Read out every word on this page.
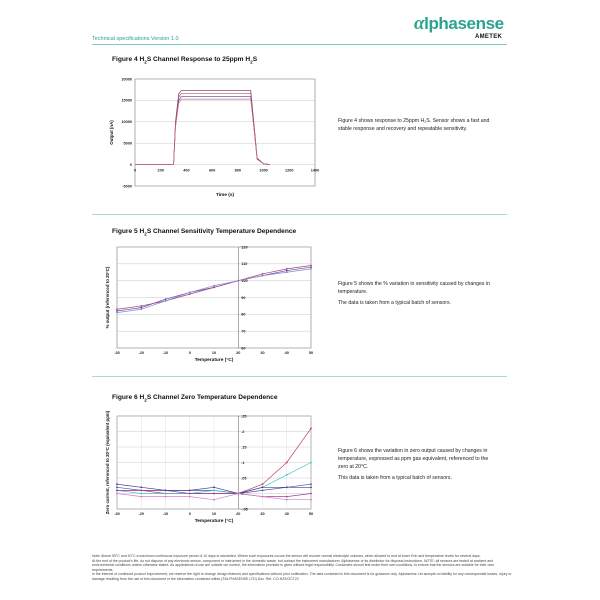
Technical specifications Version 1.0
αlphasense
AMETEK
Figure 4 $H_2S$ Channel Response to 25ppm $H_2S$

Figure 4 shows response to 25ppm H₂S. Sensor shows a fast and stable response and recovery and repeatable sensitivity.

Figure 5 $H_2S$ Channel Sensitivity Temperature Dependence

Figure 5 shows the % variation in sensitivity caused by changes in temperature.

The data is taken from a typical batch of sensors.

Figure 6 $H_2S$ Channel Zero Temperature Dependence

Figure 6 shows the variation in zero output caused by changes in temperature, expressed as ppm gas equivalent, referenced to the zero at 20°C.

This data is taken from a typical batch of sensors.

0	200	400	600	800	1000	1200	1400
-5000
0
5000
10000
15000
20000
Time (s)
Output (nA)
-30	-20	-10	0	10	20	30	40	50
60
70
80
90
100
110
120
Temperature (°C)
% output (referenced to 20°C)
-30	-20	-10	0	10	20	30	40	50
-.05
0
.05
.1
.15
.2
.25
Temperature (°C)
Zero current, referenced to 20°C (equivalent ppm)

Note: Above 55°C and 40°C a maximum continuous exposure period of 10 days is warranted. Where such exposures occurs the sensor will recover normal electrolyte volumes, when allowed to rest at lower Enh and temperature levels for several days.

At the end of the product's life, do not dispose of any electronic sensor, component or instrument in the domestic waste, but contact the instrument manufacturer, Alphasense or its distributor for disposal instructions. NOTE: all sensors are tested at ambient and environmental conditions unless otherwise stated. As applications of use are outside our control, the information provided is given without legal responsibility. Customers should test under their own conditions, to ensure that the sensors are suitable for their own requirements.

In the interest of continued product improvement, we reserve the right to change design features and specifications without prior notification. The data contained in this document is for guidance only. Alphasense Ltd accepts no liability for any consequential losses, injury or damage resulting from the use of this document or the information contained within.(©ALPHASENSE LTD) Doc. Ref. CO-H2S/OCT22
